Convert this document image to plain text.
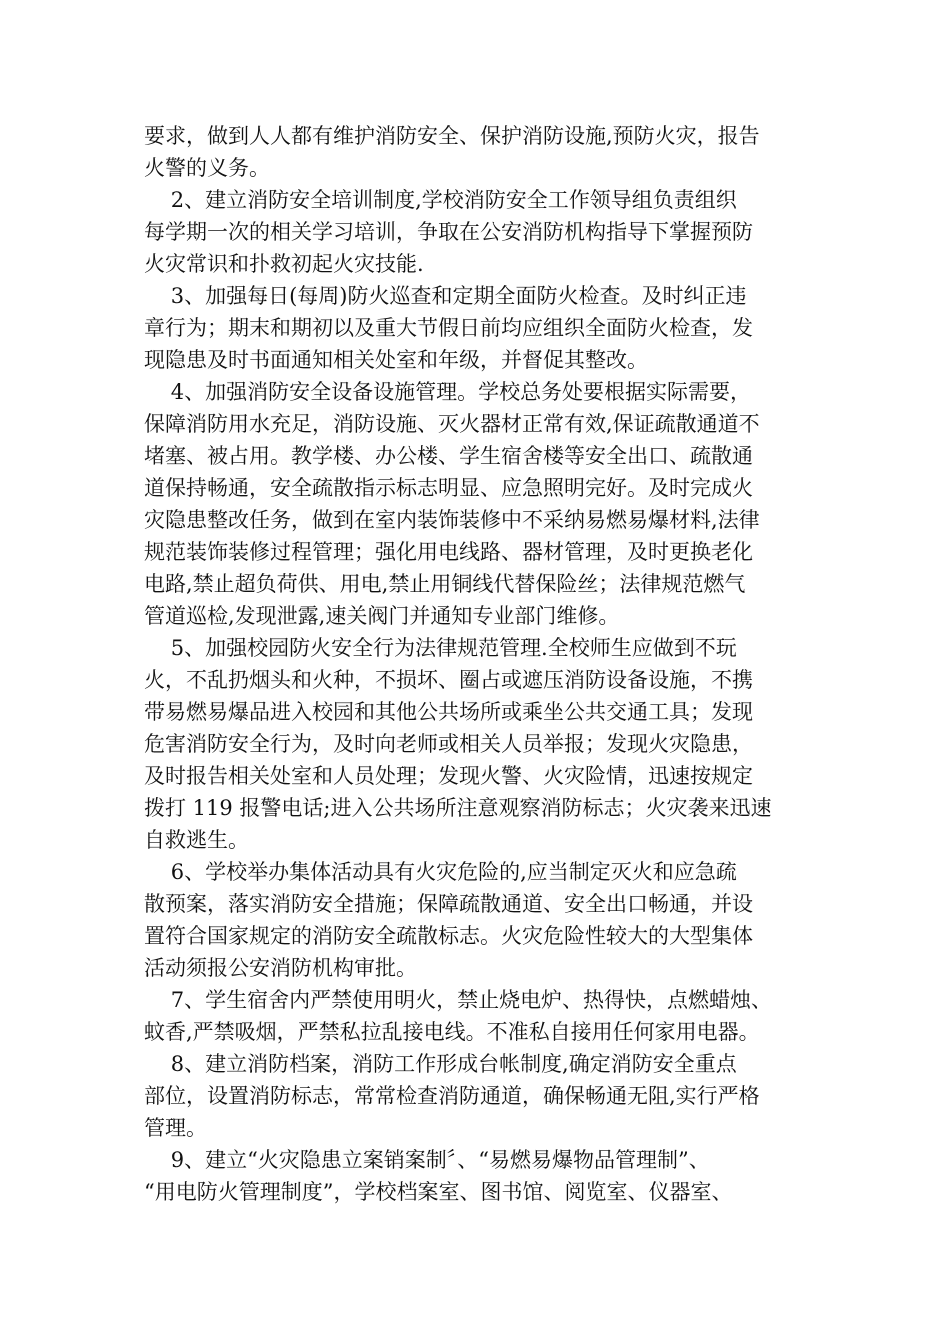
要求，做到人人都有维护消防安全、保护消防设施,预防火灾，报告

火警的义务。

2、建立消防安全培训制度,学校消防安全工作领导组负责组织

每学期一次的相关学习培训，争取在公安消防机构指导下掌握预防

火灾常识和扑救初起火灾技能.

3、加强每日(每周)防火巡查和定期全面防火检查。及时纠正违

章行为；期末和期初以及重大节假日前均应组织全面防火检查，发

现隐患及时书面通知相关处室和年级，并督促其整改。

4、加强消防安全设备设施管理。学校总务处要根据实际需要，

保障消防用水充足，消防设施、灭火器材正常有效,保证疏散通道不

堵塞、被占用。教学楼、办公楼、学生宿舍楼等安全出口、疏散通

道保持畅通，安全疏散指示标志明显、应急照明完好。及时完成火

灾隐患整改任务，做到在室内装饰装修中不采纳易燃易爆材料,法律

规范装饰装修过程管理；强化用电线路、器材管理，及时更换老化

电路,禁止超负荷供、用电,禁止用铜线代替保险丝；法律规范燃气

管道巡检,发现泄露,速关阀门并通知专业部门维修。

5、加强校园防火安全行为法律规范管理.全校师生应做到不玩

火，不乱扔烟头和火种，不损坏、圈占或遮压消防设备设施，不携

带易燃易爆品进入校园和其他公共场所或乘坐公共交通工具；发现

危害消防安全行为，及时向老师或相关人员举报；发现火灾隐患，

及时报告相关处室和人员处理；发现火警、火灾险情，迅速按规定

拨打 119 报警电话;进入公共场所注意观察消防标志；火灾袭来迅速

自救逃生。

6、学校举办集体活动具有火灾危险的,应当制定灭火和应急疏

散预案，落实消防安全措施；保障疏散通道、安全出口畅通，并设

置符合国家规定的消防安全疏散标志。火灾危险性较大的大型集体

活动须报公安消防机构审批。

7、学生宿舍内严禁使用明火，禁止烧电炉、热得快，点燃蜡烛、

蚊香,严禁吸烟，严禁私拉乱接电线。不准私自接用任何家用电器。

8、建立消防档案，消防工作形成台帐制度,确定消防安全重点

部位，设置消防标志，常常检查消防通道，确保畅通无阻,实行严格

管理。

9、建立“火灾隐患立案销案制〞、“易燃易爆物品管理制”、

“用电防火管理制度”，学校档案室、图书馆、阅览室、仪器室、
